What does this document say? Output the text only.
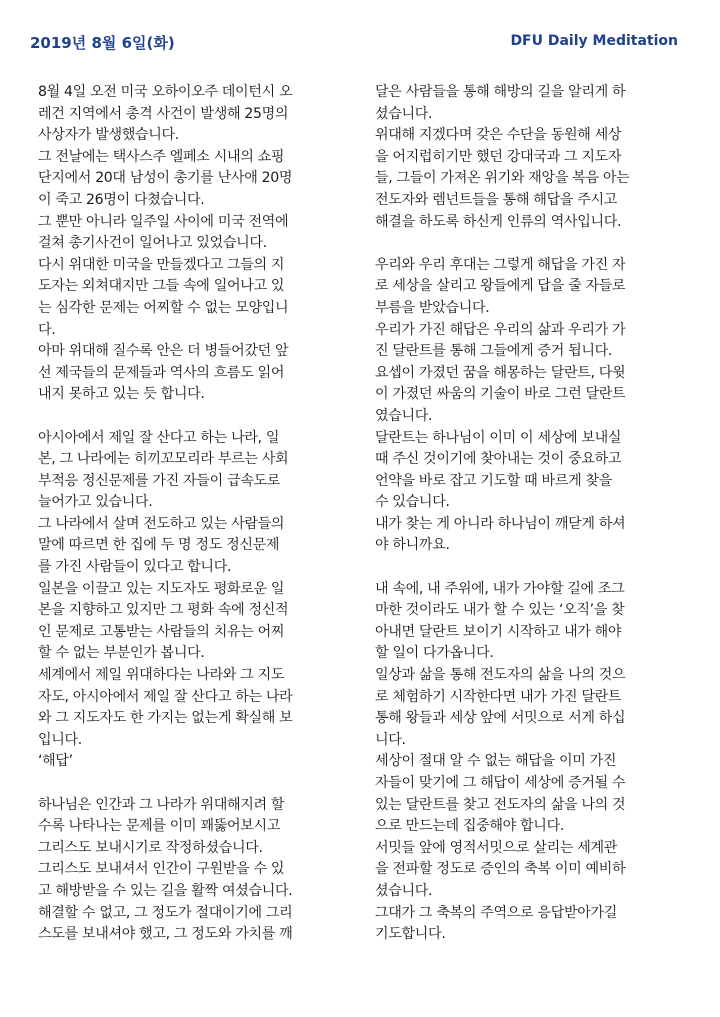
2019년 8월 6일(화)	DFU Daily Meditation

8월 4일 오전 미국 오하이오주 데이턴시 오
레건 지역에서 총격 사건이 발생해 25명의
사상자가 발생했습니다.

그 전날에는 택사스주 엘페소 시내의 쇼핑
단지에서 20대 남성이 총기를 난사애 20명
이 죽고 26명이 다쳤습니다.

그 뿐만 아니라 일주일 사이에 미국 전역에
걸쳐 총기사건이 일어나고 있었습니다.

다시 위대한 미국을 만들겠다고 그들의 지
도자는 외쳐대지만 그들 속에 일어나고 있
는 심각한 문제는 어찌할 수 없는 모양입니
다.

아마 위대해 질수록 안은 더 병들어갔던 앞
선 제국들의 문제들과 역사의 흐름도 읽어
내지 못하고 있는 듯 합니다.

아시아에서 제일 잘 산다고 하는 나라, 일
본, 그 나라에는 히끼꼬모리라 부르는 사회
부적응 정신문제를 가진 자들이 급속도로
늘어가고 있습니다.

그 나라에서 살며 전도하고 있는 사람들의
말에 따르면 한 집에 두 명 정도 정신문제
를 가진 사람들이 있다고 합니다.

일본을 이끌고 있는 지도자도 평화로운 일
본을 지향하고 있지만 그 평화 속에 정신적
인 문제로 고통받는 사람들의 치유는 어찌
할 수 없는 부분인가 봅니다.

세계에서 제일 위대하다는 나라와 그 지도
자도, 아시아에서 제일 잘 산다고 하는 나라
와 그 지도자도 한 가지는 없는게 확실해 보
입니다.

‘해답’

하나님은 인간과 그 나라가 위대해지려 할
수록 나타나는 문제를 이미 꽤뚫어보시고
그리스도 보내시기로 작정하셨습니다.

그리스도 보내셔서 인간이 구원받을 수 있
고 해방받을 수 있는 길을 활짝 여셨습니다.

해결할 수 없고, 그 정도가 절대이기에 그리
스도를 보내셔야 했고, 그 정도와 가치를 깨

달은 사람들을 통해 해방의 길을 알리게 하
셨습니다.

위대해 지겠다며 갖은 수단을 동원해 세상
을 어지럽히기만 했던 강대국과 그 지도자
들, 그들이 가져온 위기와 재앙을 복음 아는
전도자와 렘넌트들을 통해 해답을 주시고
해결을 하도록 하신게 인류의 역사입니다.

우리와 우리 후대는 그렇게 해답을 가진 자
로 세상을 살리고 왕들에게 답을 줄 자들로
부름을 받았습니다.

우리가 가진 해답은 우리의 삶과 우리가 가
진 달란트를 통해 그들에게 증거 됩니다.

요셉이 가졌던 꿈을 해몽하는 달란트, 다윗
이 가졌던 싸움의 기술이 바로 그런 달란트
였습니다.

달란트는 하나님이 이미 이 세상에 보내실
때 주신 것이기에 찾아내는 것이 중요하고
언약을 바로 잡고 기도할 때 바르게 찾을
수 있습니다.

내가 찾는 게 아니라 하나님이 깨닫게 하셔
야 하니까요.

내 속에, 내 주위에, 내가 가야할 길에 조그
마한 것이라도 내가 할 수 있는 ‘오직’을 찾
아내면 달란트 보이기 시작하고 내가 해야
할 일이 다가옵니다.

일상과 삶을 통해 전도자의 삶을 나의 것으
로 체험하기 시작한다면 내가 가진 달란트
통해 왕들과 세상 앞에 서밋으로 서게 하십
니다.

세상이 절대 알 수 없는 해답을 이미 가진
자들이 맞기에 그 해답이 세상에 증거될 수
있는 달란트를 찾고 전도자의 삶을 나의 것
으로 만드는데 집중해야 합니다.

서밋들 앞에 영적서밋으로 살리는 세계관
을 전파할 정도로 증인의 축복 이미 예비하
셨습니다.

그대가 그 축복의 주역으로 응답받아가길
기도합니다.
